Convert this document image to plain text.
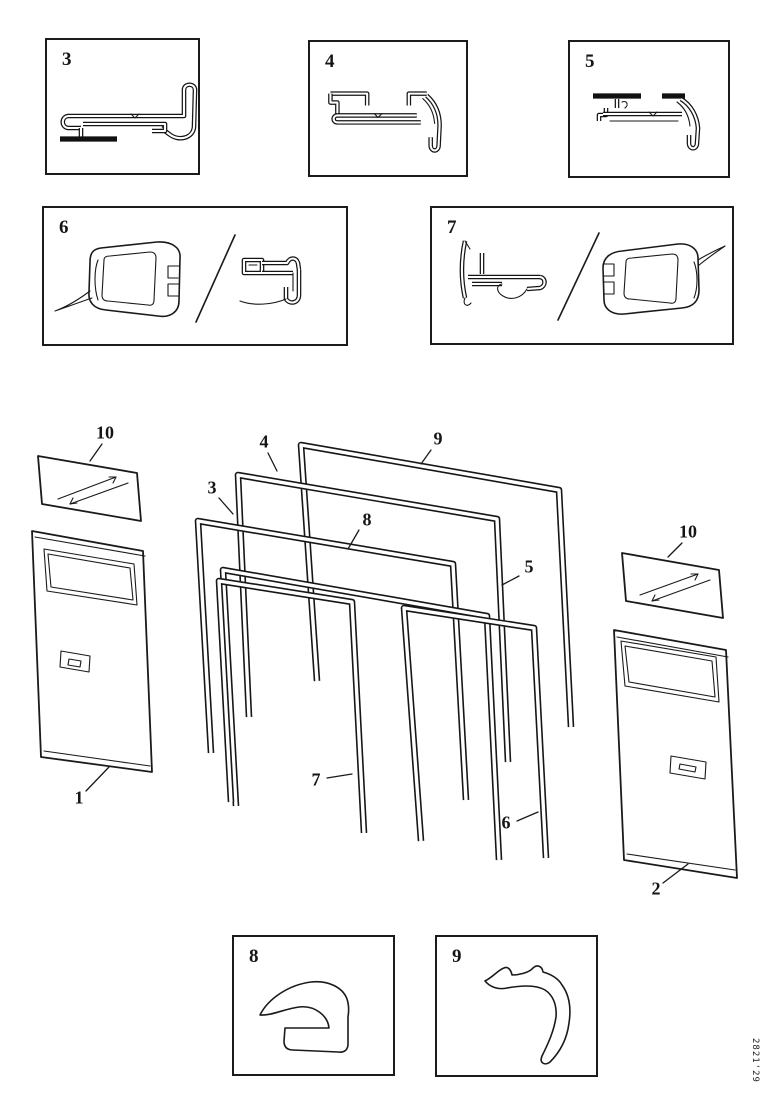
3	4	5
6	7
8	9
10	4	9
3
8
5
10
1
7
6
2
2821'29
